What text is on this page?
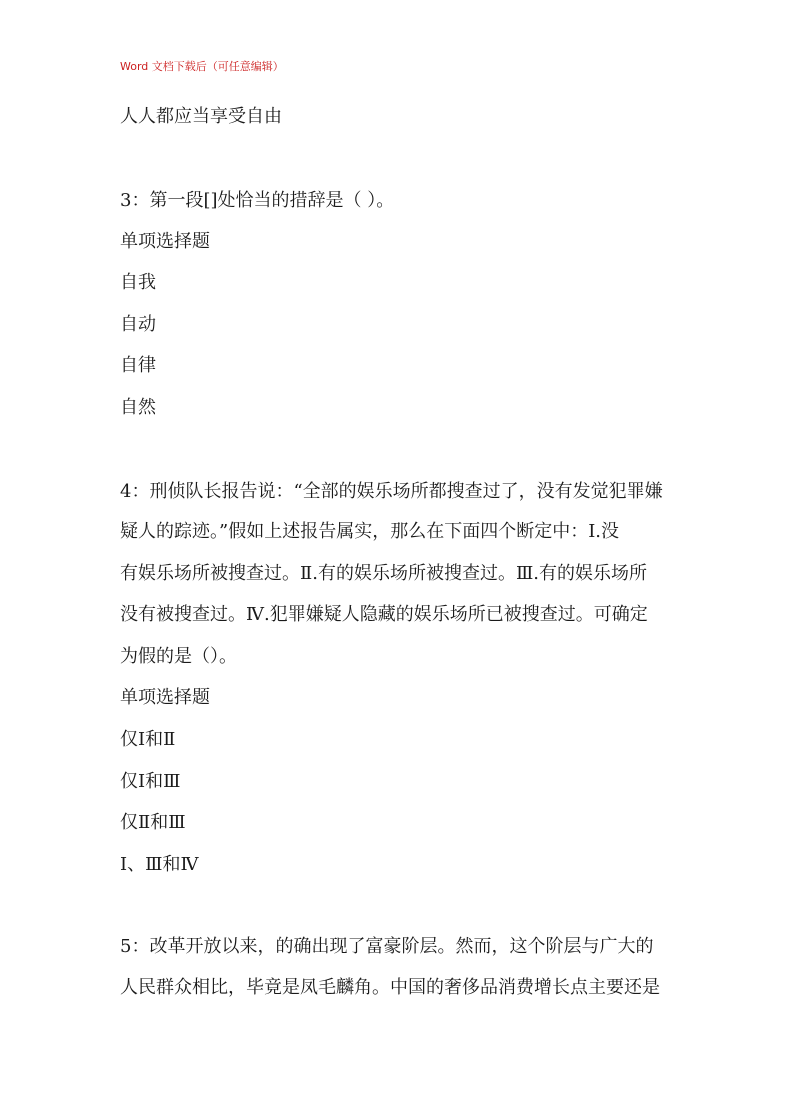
Word 文档下载后（可任意编辑）
人人都应当享受自由
3：第一段[]处恰当的措辞是（ ）。
单项选择题
自我
自动
自律
自然
4：刑侦队长报告说：“全部的娱乐场所都搜查过了，没有发觉犯罪嫌
疑人的踪迹。”假如上述报告属实，那么在下面四个断定中：Ⅰ.没
有娱乐场所被搜查过。Ⅱ.有的娱乐场所被搜查过。Ⅲ.有的娱乐场所
没有被搜查过。Ⅳ.犯罪嫌疑人隐藏的娱乐场所已被搜查过。可确定
为假的是（）。
单项选择题
仅Ⅰ和Ⅱ
仅Ⅰ和Ⅲ
仅Ⅱ和Ⅲ
Ⅰ、Ⅲ和Ⅳ
5：改革开放以来，的确出现了富豪阶层。然而，这个阶层与广大的
人民群众相比，毕竟是凤毛麟角。中国的奢侈品消费增长点主要还是
